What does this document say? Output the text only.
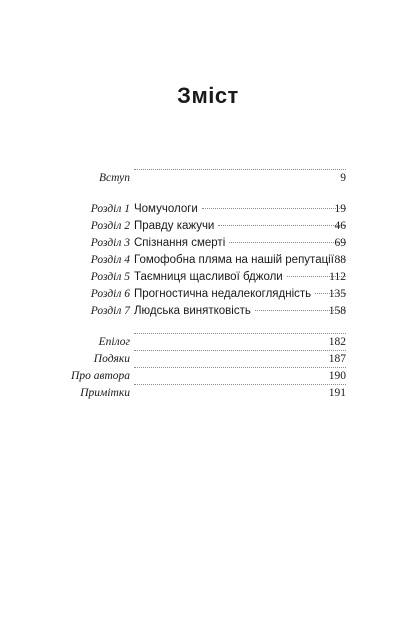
Зміст
Вступ	9
Розділ 1 Чомучологи	19
Розділ 2 Правду кажучи	46
Розділ 3 Спізнання смерті	69
Розділ 4 Гомофобна пляма на нашій репутації 88
Розділ 5 Таємниця щасливої бджоли	112
Розділ 6 Прогностична недалекоглядність	135
Розділ 7 Людська винятковість	158
Епілог	182
Подяки	187
Про автора	190
Примітки	191
